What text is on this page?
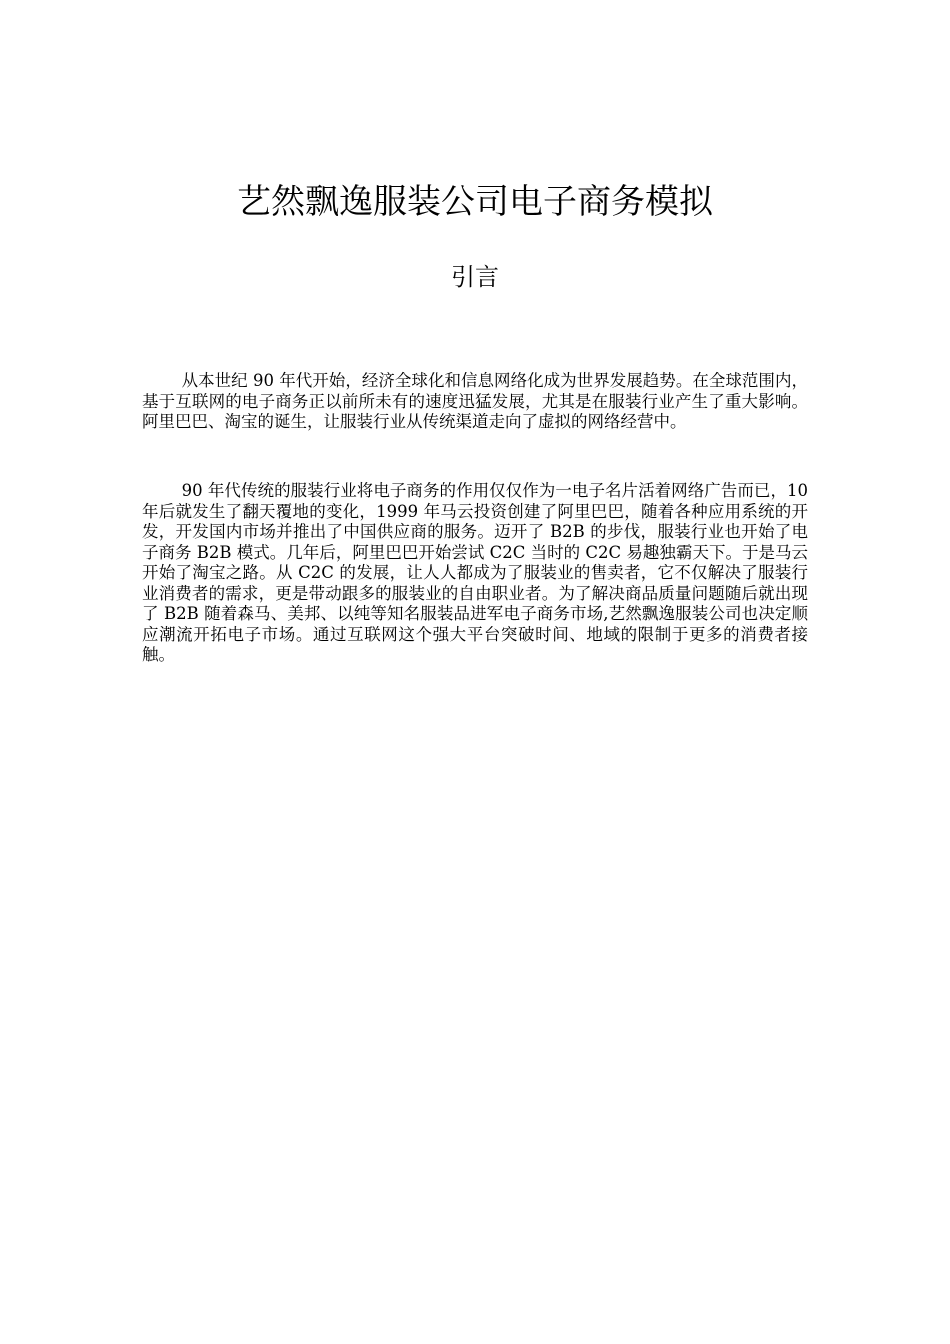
艺然飘逸服装公司电子商务模拟
引言

从本世纪 90 年代开始，经济全球化和信息网络化成为世界发展趋势。在全球范围内，基于互联网的电子商务正以前所未有的速度迅猛发展，尤其是在服装行业产生了重大影响。阿里巴巴、淘宝的诞生，让服装行业从传统渠道走向了虚拟的网络经营中。

90 年代传统的服装行业将电子商务的作用仅仅作为一电子名片活着网络广告而已，10 年后就发生了翻天覆地的变化，1999 年马云投资创建了阿里巴巴，随着各种应用系统的开发，开发国内市场并推出了中国供应商的服务。迈开了 B2B 的步伐，服装行业也开始了电子商务 B2B 模式。几年后，阿里巴巴开始尝试 C2C 当时的 C2C 易趣独霸天下。于是马云开始了淘宝之路。从 C2C 的发展，让人人都成为了服装业的售卖者，它不仅解决了服装行业消费者的需求，更是带动跟多的服装业的自由职业者。为了解决商品质量问题随后就出现了 B2B 随着森马、美邦、以纯等知名服装品进军电子商务市场,艺然飘逸服装公司也决定顺应潮流开拓电子市场。通过互联网这个强大平台突破时间、地域的限制于更多的消费者接触。
